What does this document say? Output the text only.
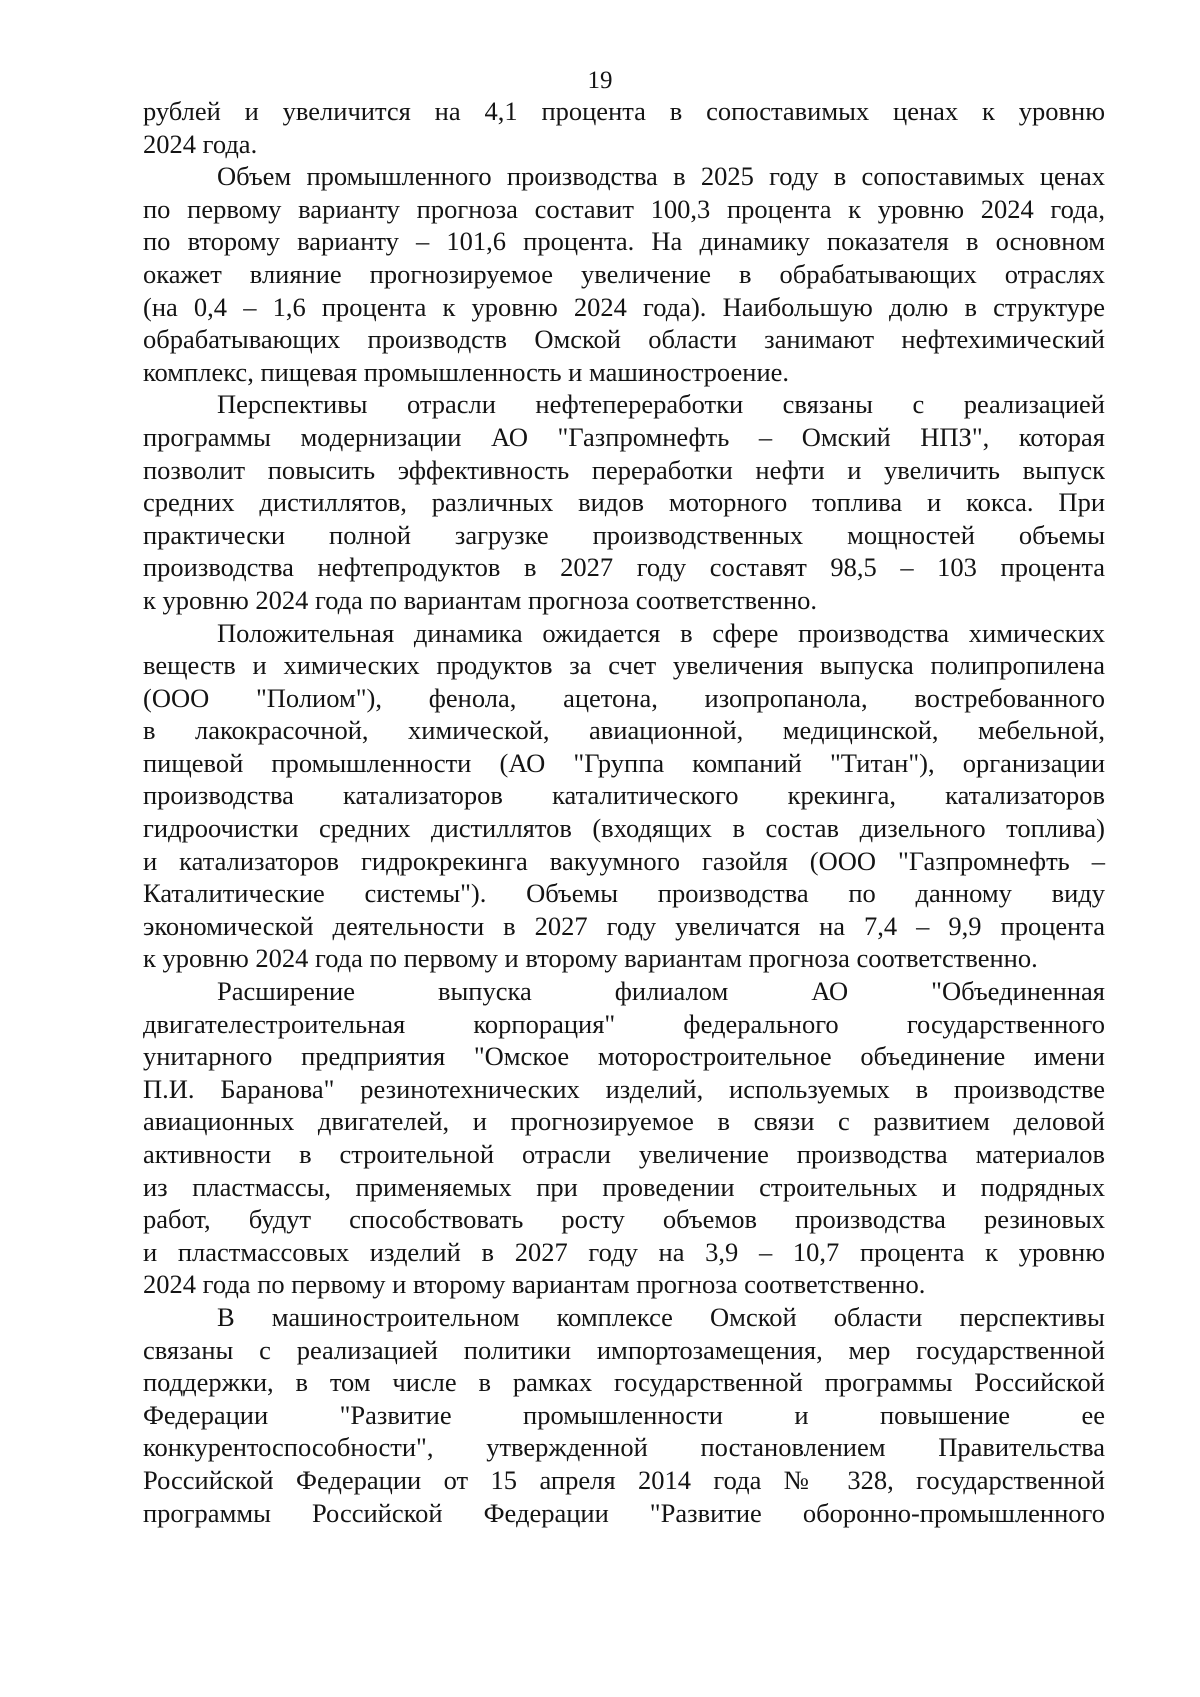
19
рублей и увеличится на 4,1 процента в сопоставимых ценах к уровню
2024 года.
Объем промышленного производства в 2025 году в сопоставимых ценах
по первому варианту прогноза составит 100,3 процента к уровню 2024 года,
по второму варианту – 101,6 процента. На динамику показателя в основном
окажет влияние прогнозируемое увеличение в обрабатывающих отраслях
(на 0,4 – 1,6 процента к уровню 2024 года). Наибольшую долю в структуре
обрабатывающих производств Омской области занимают нефтехимический
комплекс, пищевая промышленность и машиностроение.
Перспективы отрасли нефтепереработки связаны с реализацией
программы модернизации АО "Газпромнефть – Омский НПЗ", которая
позволит повысить эффективность переработки нефти и увеличить выпуск
средних дистиллятов, различных видов моторного топлива и кокса. При
практически полной загрузке производственных мощностей объемы
производства нефтепродуктов в 2027 году составят 98,5 – 103 процента
к уровню 2024 года по вариантам прогноза соответственно.
Положительная динамика ожидается в сфере производства химических
веществ и химических продуктов за счет увеличения выпуска полипропилена
(ООО "Полиом"), фенола, ацетона, изопропанола, востребованного
в лакокрасочной, химической, авиационной, медицинской, мебельной,
пищевой промышленности (АО "Группа компаний "Титан"), организации
производства катализаторов каталитического крекинга, катализаторов
гидроочистки средних дистиллятов (входящих в состав дизельного топлива)
и катализаторов гидрокрекинга вакуумного газойля (ООО "Газпромнефть –
Каталитические системы"). Объемы производства по данному виду
экономической деятельности в 2027 году увеличатся на 7,4 – 9,9 процента
к уровню 2024 года по первому и второму вариантам прогноза соответственно.
Расширение выпуска филиалом АО "Объединенная
двигателестроительная корпорация" федерального государственного
унитарного предприятия "Омское моторостроительное объединение имени
П.И. Баранова" резинотехнических изделий, используемых в производстве
авиационных двигателей, и прогнозируемое в связи с развитием деловой
активности в строительной отрасли увеличение производства материалов
из пластмассы, применяемых при проведении строительных и подрядных
работ, будут способствовать росту объемов производства резиновых
и пластмассовых изделий в 2027 году на 3,9 – 10,7 процента к уровню
2024 года по первому и второму вариантам прогноза соответственно.
В машиностроительном комплексе Омской области перспективы
связаны с реализацией политики импортозамещения, мер государственной
поддержки, в том числе в рамках государственной программы Российской
Федерации "Развитие промышленности и повышение ее
конкурентоспособности", утвержденной постановлением Правительства
Российской Федерации от 15 апреля 2014 года № 328, государственной
программы Российской Федерации "Развитие оборонно-промышленного
